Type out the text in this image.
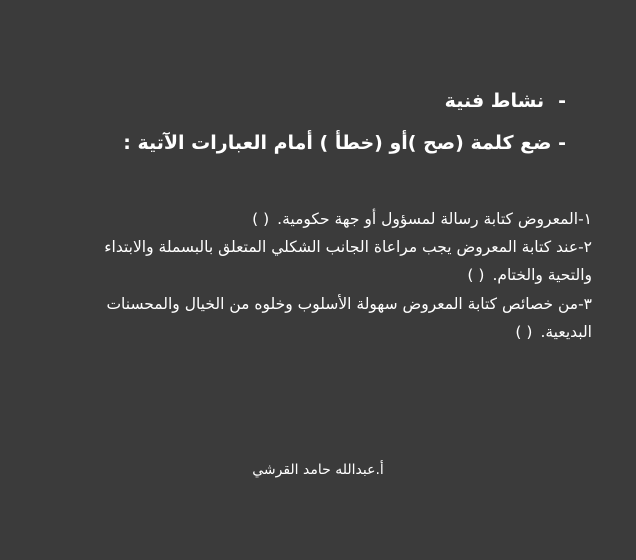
-نشاط فنية
- ضع كلمة (صح )أو (خطأ ) أمام العبارات الآتية :

١-المعروض كتابة رسالة لمسؤول أو جهة حكومية.( )

٢-عند كتابة المعروض يجب مراعاة الجانب الشكلي المتعلق بالبسملة والابتداء

والتحية والختام.( )

٣-من خصائص كتابة المعروض سهولة الأسلوب وخلوه من الخيال والمحسنات

البديعية.( )

أ.عبدالله حامد القرشي
